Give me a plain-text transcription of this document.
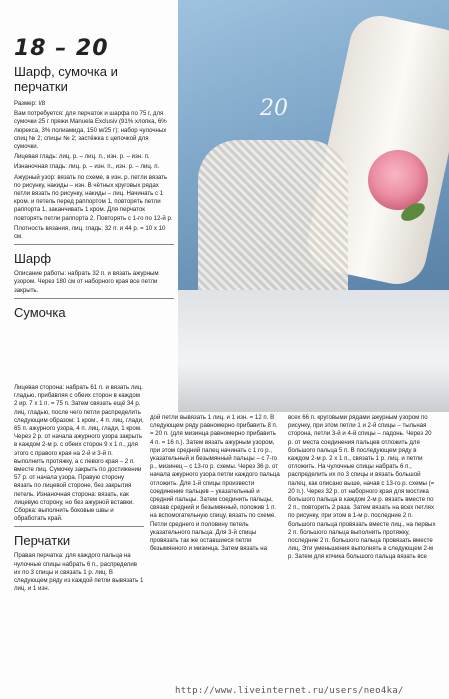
18 – 20
Шарф, сумочка и перчатки

Размер: I/8

Вам потребуется: для перчаток и шарфа по 75 г, для сумочки 25 г пряжи Manuela Exclusiv (91% хлопка, 6% люрекса, 3% полиамида, 150 м/25 г); набор чулочных спиц № 2; спицы № 2; застёжка с цепочкой для сумочки.

Лицевая гладь: лиц. р. – лиц. п., изн. р. – изн. п.

Изнаночная гладь: лиц. р. – изн. п., изн. р. – лиц. п.

Ажурный узор: вязать по схеме, в изн. р. петли вязать по рисунку, накиды – изн. В чётных круговых рядах петли вязать по рисунку, накиды – лиц. Начинать с 1 кром. и петель перед раппортом 1, повторять петли раппорта 1, заканчивать 1 кром. Для перчаток повторять петли раппорта 2. Повторять с 1-го по 12-й р.

Плотность вязания, лиц. гладь: 32 п. и 44 р. = 10 х 10 см.

Шарф

Описание работы: набрать 32 п. и вязать ажурным узором. Через 180 см от наборного края все петли закрыть.

Сумочка
20

Лицевая сторона: набрать 61 п. и вязать лиц. гладью, прибавляя с обеих сторон в каждом 2 ир. 7 х 1 п. = 75 п. Затем связать ещё 34 р. лиц. гладью, после чего петли распределить следующим образом: 1 кром., 4 п. лиц. глади, 65 п. ажурного узора, 4 п. лиц. глади, 1 кром. Через 2 р. от начала ажурного узора закрыть в каждом 2-м р. с обеих сторон 9 х 1 п., для этого с правого края на 2-й и 3-й п. выполнить протяжку, а с левого края – 2 п. вместе лиц. Сумочку закрыть по достижении 57 р. от начала узора. Правую сторону вязать по лицевой стороне, без закрытия петель. Изнаночная сторона: вязать, как лицевую сторону, но без ажурной вставки. Сборка: выполнить боковые швы и обработать край.

Перчатки

Правая перчатка: для каждого пальца на чулочные спицы набрать 6 п., распределив их по 3 спицы и связать 1 р. лиц. В следующем ряду из каждой петли вывязать 1 лиц. и 1 изн.

дой петли вывязать 1 лиц. и 1 изн. = 12 п. В следующем ряду равномерно прибавить 8 п. = 20 п. (для мизинца равномерно прибавить 4 п. = 16 п.). Затем вязать ажурным узором, при этом средний палец начинать с 1 го р., указательный и безымянный пальцы – с 7-го р., мизинец – с 13-го р. схемы. Через 36 р. от начала ажурного узора петли каждого пальца отложить. Для 1-й спицы произвести соединение пальцев – указательный и средний пальцы. Затем соединить пальцы, связав средний и безымянный, положив 1 п. на вспомогательную спицу, вязать по схеме. Петли среднего и половину петель указательного пальца. Для 3-й спицы провязать так же оставшиеся петли безымянного и мизинца. Затем вязать на

всех 66 п. круговыми рядами ажурным узором по рисунку, при этом петли 1 и 2-й спицы – тыльная сторона, петли 3-й и 4-й спицы – ладонь. Через 20 р. от места соединения пальцев отложить для большого пальца 5 п. В последующем ряду в каждом 2-м р. 2 х 1 п., связать 1 р. лиц. и петли отложить. На чулочные спицы набрать 6 п., распределить их по 3 спицы и вязать большой палец, как описано выше, начав с 13-го р. схемы (= 20 п.). Через 32 р. от наборного края для мостика большого пальца в каждом 2-м р. вязать вместе по 2 п., повторить 2 раза. Затем вязать на всех петлях по рисунку, при этом в 1-м р. последние 2 п. большого пальца провязать вместе лиц., на первых 2 п. большого пальца выполнить протяжку, последние 2 п. большого пальца провязать вместе лиц. Эти уменьшения выполнять в следующем 2-м р. Затем для кпчика большого пальца вязать все

http://www.liveinternet.ru/users/neo4ka/
